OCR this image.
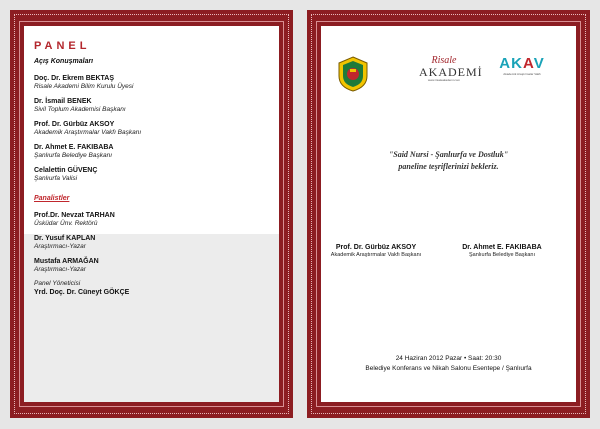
PANEL
Açış Konuşmaları
Doç. Dr. Ekrem BEKTAŞ
Risale Akademi Bilim Kurulu Üyesi
Dr. İsmail BENEK
Sivil Toplum Akademisi Başkanı
Prof. Dr. Gürbüz AKSOY
Akademik Araştırmalar Vakfı Başkanı
Dr. Ahmet E. FAKIBABA
Şanlıurfa Belediye Başkanı
Celalettin GÜVENÇ
Şanlıurfa Valisi
Panalistler
Prof.Dr. Nevzat TARHAN
Üsküdar Ünv. Rektörü
Dr. Yusuf KAPLAN
Araştırmacı-Yazar
Mustafa ARMAĞAN
Araştırmacı-Yazar
Panel Yöneticisi
Yrd. Doç. Dr. Cüneyt GÖKÇE
Risale
AKADEMİ
www.risaleakademi.com
AKAV
Akademik Araştırmalar Vakfı
"Said Nursi - Şanlıurfa ve Dostluk"
paneline teşriflerinizi bekleriz.
Prof. Dr. Gürbüz AKSOY
Akademik Araştırmalar Vakfı Başkanı
Dr. Ahmet E. FAKIBABA
Şanlıurfa Belediye Başkanı
24 Haziran 2012 Pazar • Saat: 20:30
Belediye Konferans ve Nikah Salonu Esentepe / Şanlıurfa
